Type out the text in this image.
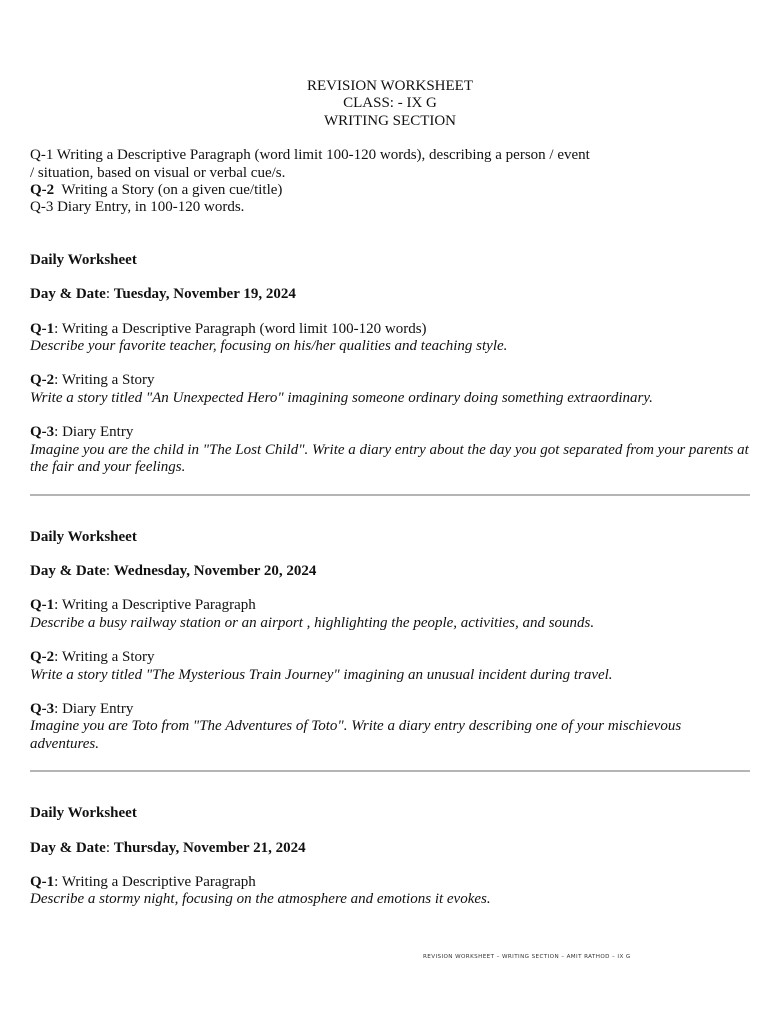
REVISION WORKSHEET
CLASS: - IX G
WRITING SECTION

Q-1 Writing a Descriptive Paragraph (word limit 100-120 words), describing a person / event

/ situation, based on visual or verbal cue/s.

Q-2  Writing a Story (on a given cue/title)

Q-3 Diary Entry, in 100-120 words.

Daily Worksheet

Day & Date: Tuesday, November 19, 2024

Q-1: Writing a Descriptive Paragraph (word limit 100-120 words)

Describe your favorite teacher, focusing on his/her qualities and teaching style.

Q-2: Writing a Story

Write a story titled "An Unexpected Hero" imagining someone ordinary doing something extraordinary.

Q-3: Diary Entry

Imagine you are the child in "The Lost Child". Write a diary entry about the day you got separated from your parents at the fair and your feelings.

Daily Worksheet

Day & Date: Wednesday, November 20, 2024

Q-1: Writing a Descriptive Paragraph

Describe a busy railway station or an airport , highlighting the people, activities, and sounds.

Q-2: Writing a Story

Write a story titled "The Mysterious Train Journey" imagining an unusual incident during travel.

Q-3: Diary Entry

Imagine you are Toto from "The Adventures of Toto". Write a diary entry describing one of your mischievous adventures.

Daily Worksheet

Day & Date: Thursday, November 21, 2024

Q-1: Writing a Descriptive Paragraph

Describe a stormy night, focusing on the atmosphere and emotions it evokes.

REVISION WORKSHEET – WRITING SECTION – AMIT RATHOD – IX G
